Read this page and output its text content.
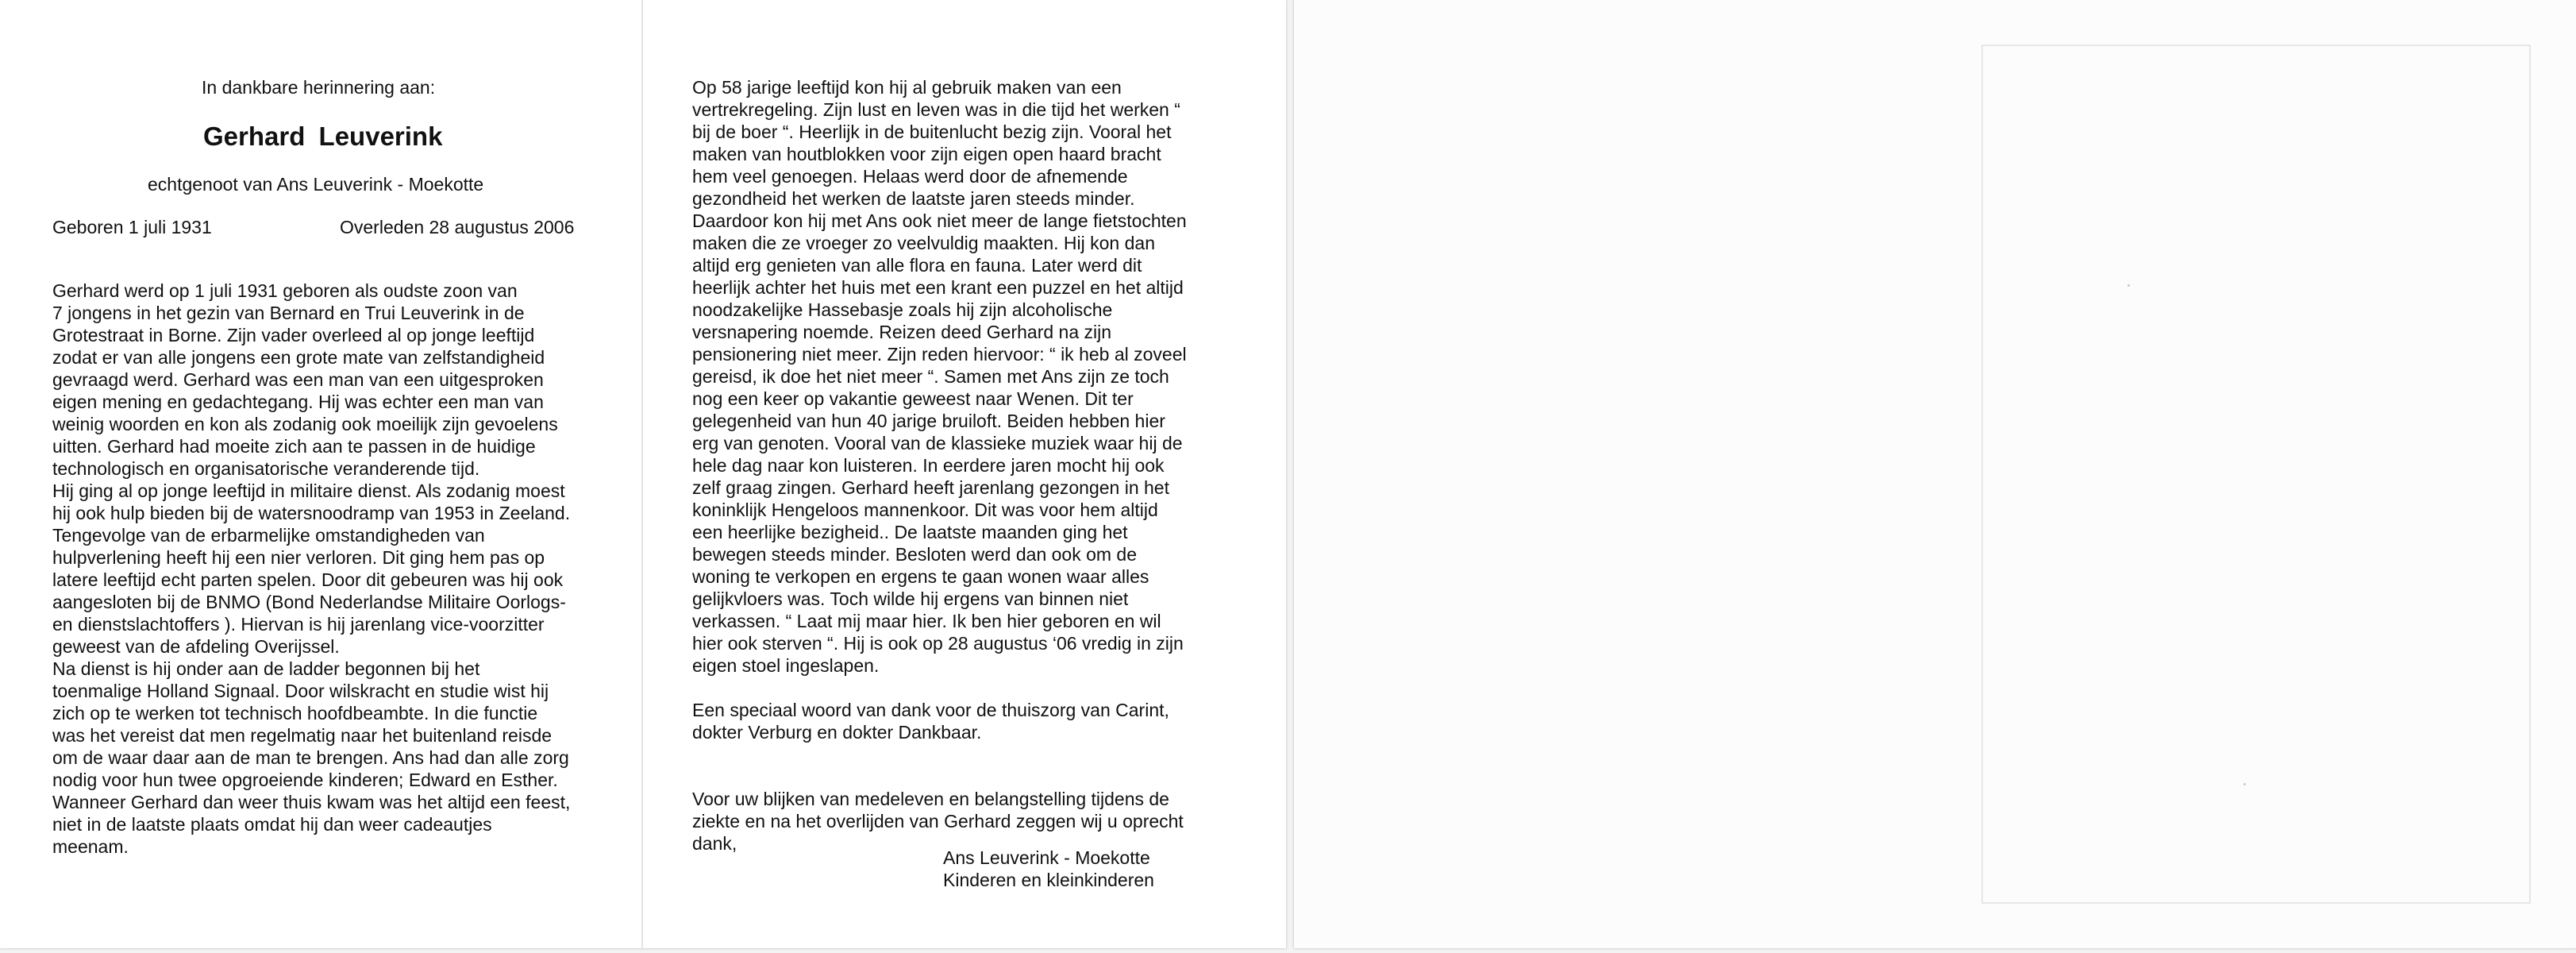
In dankbare herinnering aan:
Gerhard Leuverink
echtgenoot van Ans Leuverink - Moekotte
Geboren 1 juli 1931	Overleden 28 augustus 2006
Gerhard werd op 1 juli 1931 geboren als oudste zoon van
7 jongens in het gezin van Bernard en Trui Leuverink in de
Grotestraat in Borne. Zijn vader overleed al op jonge leeftijd
zodat er van alle jongens een grote mate van zelfstandigheid
gevraagd werd. Gerhard was een man van een uitgesproken
eigen mening en gedachtegang. Hij was echter een man van
weinig woorden en kon als zodanig ook moeilijk zijn gevoelens
uitten. Gerhard had moeite zich aan te passen in de huidige
technologisch en organisatorische veranderende tijd.
Hij ging al op jonge leeftijd in militaire dienst. Als zodanig moest
hij ook hulp bieden bij de watersnoodramp van 1953 in Zeeland.
Tengevolge van de erbarmelijke omstandigheden van
hulpverlening heeft hij een nier verloren. Dit ging hem pas op
latere leeftijd echt parten spelen. Door dit gebeuren was hij ook
aangesloten bij de BNMO (Bond Nederlandse Militaire Oorlogs-
en dienstslachtoffers ). Hiervan is hij jarenlang vice-voorzitter
geweest van de afdeling Overijssel.
Na dienst is hij onder aan de ladder begonnen bij het
toenmalige Holland Signaal. Door wilskracht en studie wist hij
zich op te werken tot technisch hoofdbeambte. In die functie
was het vereist dat men regelmatig naar het buitenland reisde
om de waar daar aan de man te brengen. Ans had dan alle zorg
nodig voor hun twee opgroeiende kinderen; Edward en Esther.
Wanneer Gerhard dan weer thuis kwam was het altijd een feest,
niet in de laatste plaats omdat hij dan weer cadeautjes
meenam.
Op 58 jarige leeftijd kon hij al gebruik maken van een
vertrekregeling. Zijn lust en leven was in die tijd het werken “
bij de boer “. Heerlijk in de buitenlucht bezig zijn. Vooral het
maken van houtblokken voor zijn eigen open haard bracht
hem veel genoegen. Helaas werd door de afnemende
gezondheid het werken de laatste jaren steeds minder.
Daardoor kon hij met Ans ook niet meer de lange fietstochten
maken die ze vroeger zo veelvuldig maakten. Hij kon dan
altijd erg genieten van alle flora en fauna. Later werd dit
heerlijk achter het huis met een krant een puzzel en het altijd
noodzakelijke Hassebasje zoals hij zijn alcoholische
versnapering noemde. Reizen deed Gerhard na zijn
pensionering niet meer. Zijn reden hiervoor: “ ik heb al zoveel
gereisd, ik doe het niet meer “. Samen met Ans zijn ze toch
nog een keer op vakantie geweest naar Wenen. Dit ter
gelegenheid van hun 40 jarige bruiloft. Beiden hebben hier
erg van genoten. Vooral van de klassieke muziek waar hij de
hele dag naar kon luisteren. In eerdere jaren mocht hij ook
zelf graag zingen. Gerhard heeft jarenlang gezongen in het
koninklijk Hengeloos mannenkoor. Dit was voor hem altijd
een heerlijke bezigheid.. De laatste maanden ging het
bewegen steeds minder. Besloten werd dan ook om de
woning te verkopen en ergens te gaan wonen waar alles
gelijkvloers was. Toch wilde hij ergens van binnen niet
verkassen. “ Laat mij maar hier. Ik ben hier geboren en wil
hier ook sterven “. Hij is ook op 28 augustus ‘06 vredig in zijn
eigen stoel ingeslapen.
Een speciaal woord van dank voor de thuiszorg van Carint,
dokter Verburg en dokter Dankbaar.
Voor uw blijken van medeleven en belangstelling tijdens de
ziekte en na het overlijden van Gerhard zeggen wij u oprecht
dank,
Ans Leuverink - Moekotte
Kinderen en kleinkinderen
